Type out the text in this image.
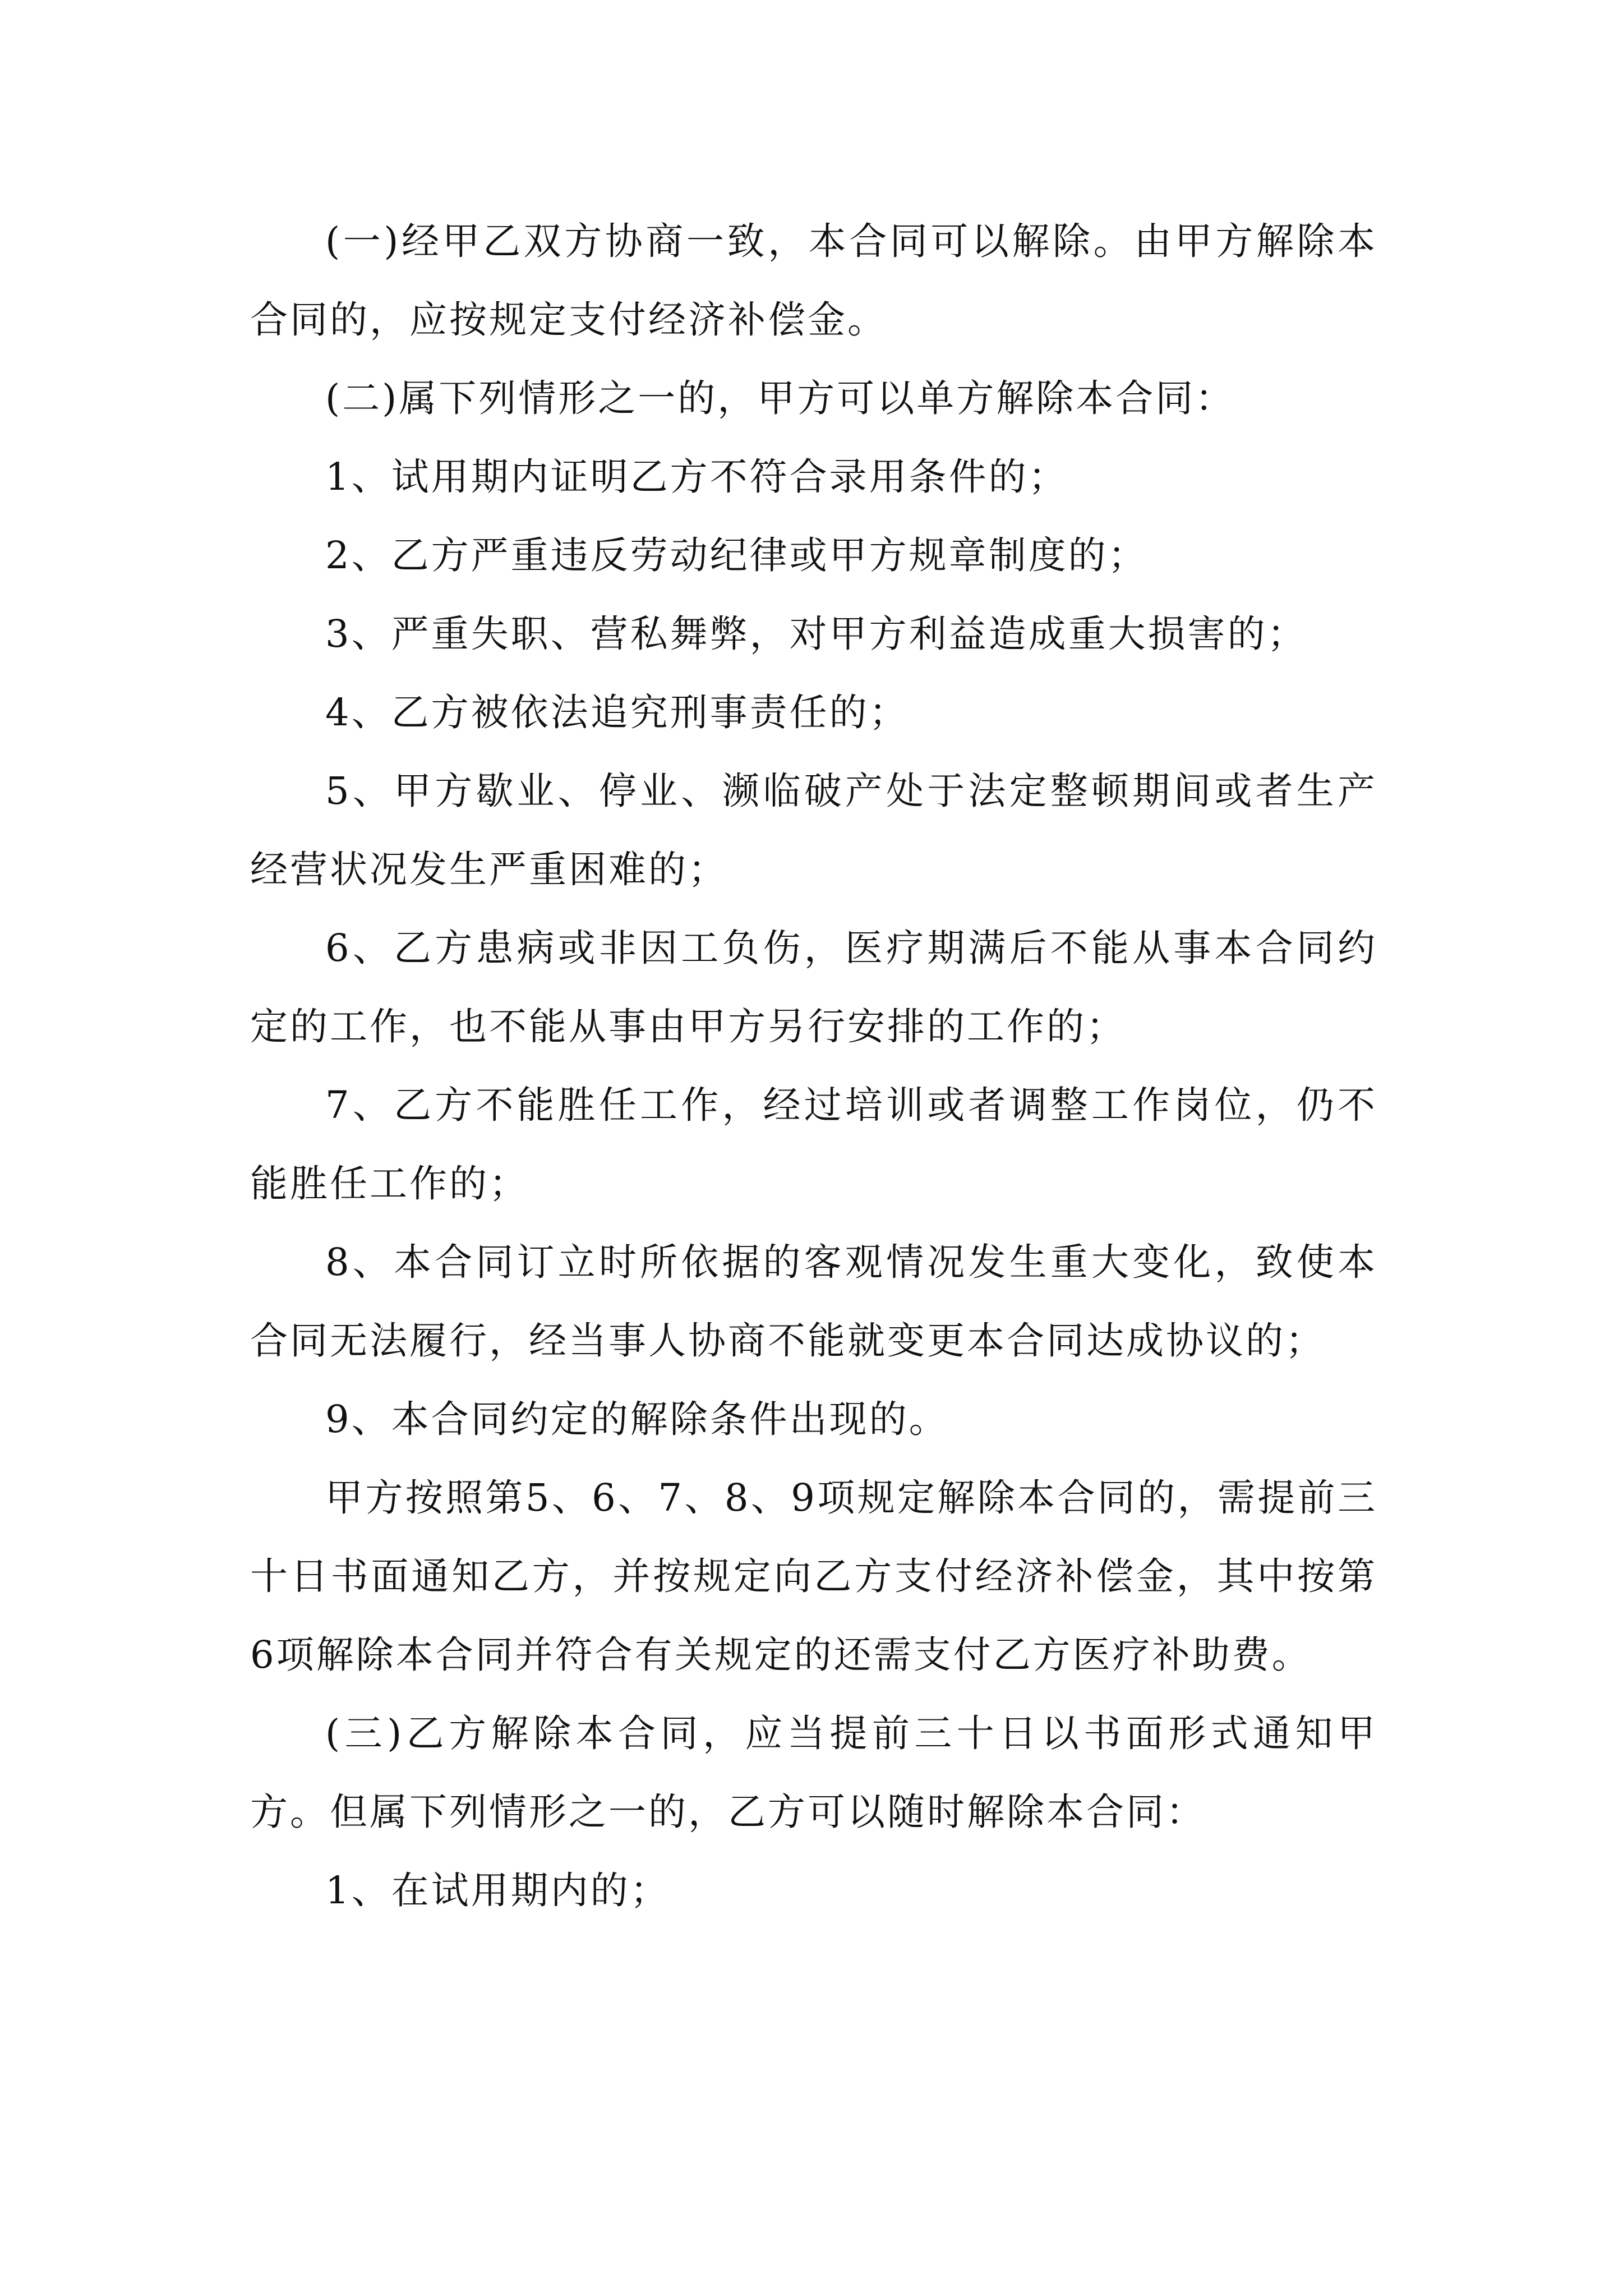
(一)经甲乙双方协商一致，本合同可以解除。由甲方解除本合同的，应按规定支付经济补偿金。

(二)属下列情形之一的，甲方可以单方解除本合同：

1、试用期内证明乙方不符合录用条件的；

2、乙方严重违反劳动纪律或甲方规章制度的；

3、严重失职、营私舞弊，对甲方利益造成重大损害的；

4、乙方被依法追究刑事责任的；

5、甲方歇业、停业、濒临破产处于法定整顿期间或者生产经营状况发生严重困难的；

6、乙方患病或非因工负伤，医疗期满后不能从事本合同约定的工作，也不能从事由甲方另行安排的工作的；

7、乙方不能胜任工作，经过培训或者调整工作岗位，仍不能胜任工作的；

8、本合同订立时所依据的客观情况发生重大变化，致使本合同无法履行，经当事人协商不能就变更本合同达成协议的；

9、本合同约定的解除条件出现的。

甲方按照第5、6、7、8、9项规定解除本合同的，需提前三十日书面通知乙方，并按规定向乙方支付经济补偿金，其中按第6项解除本合同并符合有关规定的还需支付乙方医疗补助费。

(三)乙方解除本合同，应当提前三十日以书面形式通知甲方。但属下列情形之一的，乙方可以随时解除本合同：

1、在试用期内的；
